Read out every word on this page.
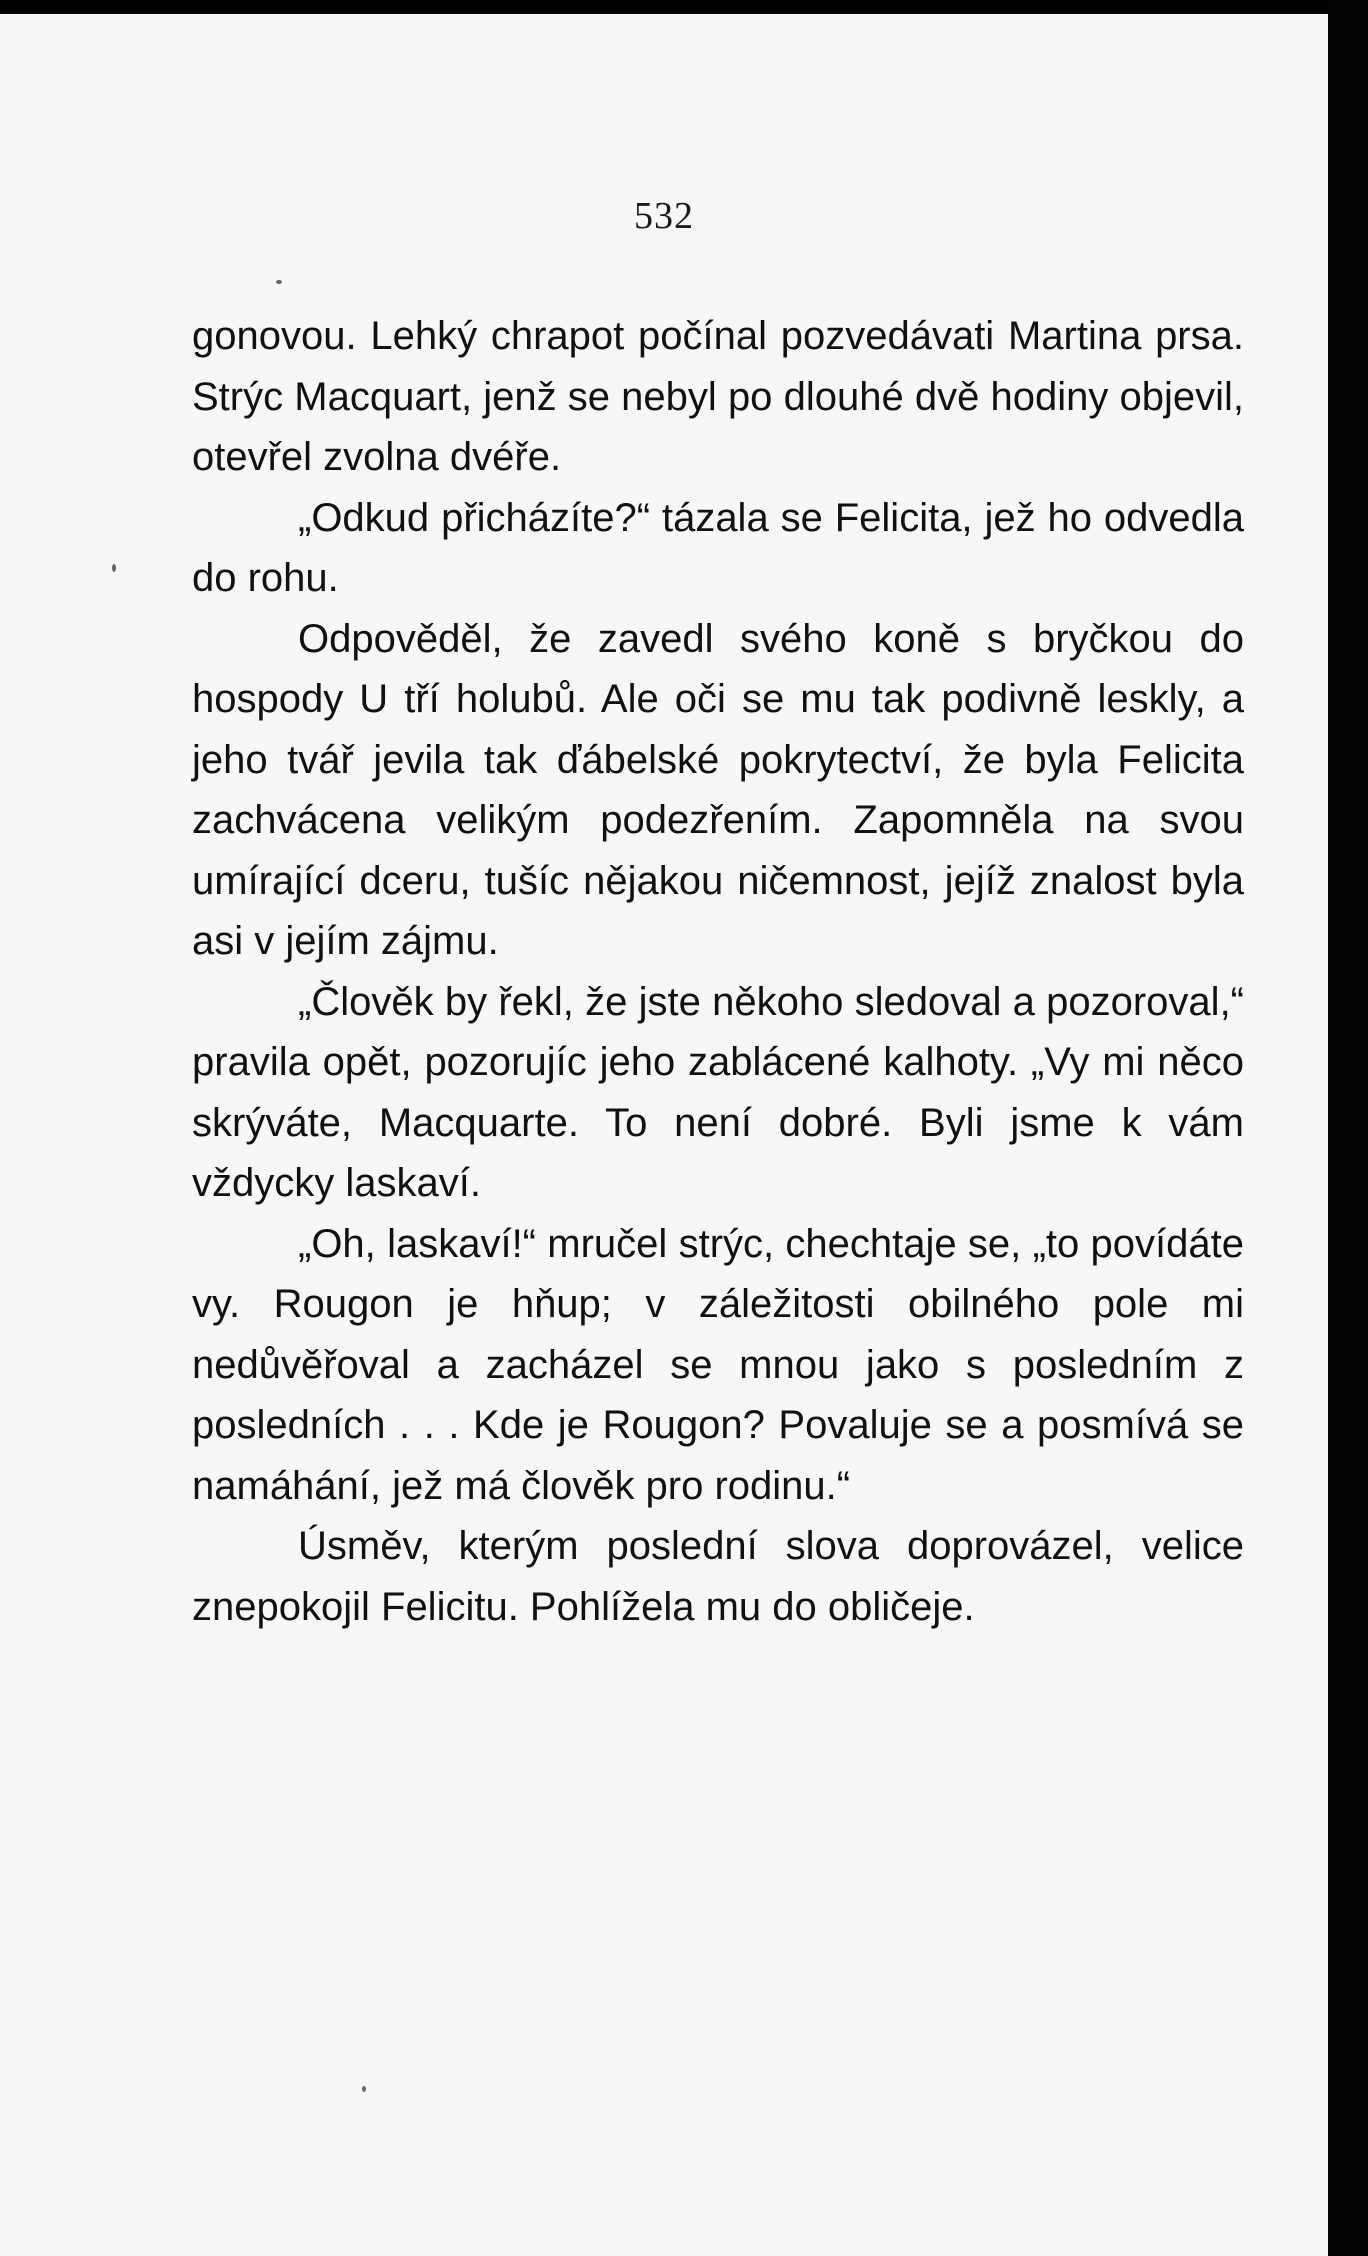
532

gonovou. Lehký chrapot počínal pozvedávati Martina prsa. Strýc Macquart, jenž se nebyl po dlouhé dvě hodiny objevil, otevřel zvolna dvéře.

„Odkud přicházíte?“ tázala se Felicita, jež ho odvedla do rohu.

Odpověděl, že zavedl svého koně s bryčkou do hospody U tří holubů. Ale oči se mu tak podivně leskly, a jeho tvář jevila tak ďábelské pokrytectví, že byla Felicita zachvácena velikým podezřením. Zapomněla na svou umírající dceru, tušíc nějakou ničemnost, jejíž znalost byla asi v jejím zájmu.

„Člověk by řekl, že jste někoho sledoval a pozoroval,“ pravila opět, pozorujíc jeho zablácené kalhoty. „Vy mi něco skrýváte, Macquarte. To není dobré. Byli jsme k vám vždycky laskaví.

„Oh, laskaví!“ mručel strýc, chechtaje se, „to povídáte vy. Rougon je hňup; v záležitosti obilného pole mi nedůvěřoval a zacházel se mnou jako s posledním z posledních . . . Kde je Rougon? Povaluje se a posmívá se namáhání, jež má člověk pro rodinu.“

Úsměv, kterým poslední slova doprovázel, velice znepokojil Felicitu. Pohlížela mu do obličeje.
